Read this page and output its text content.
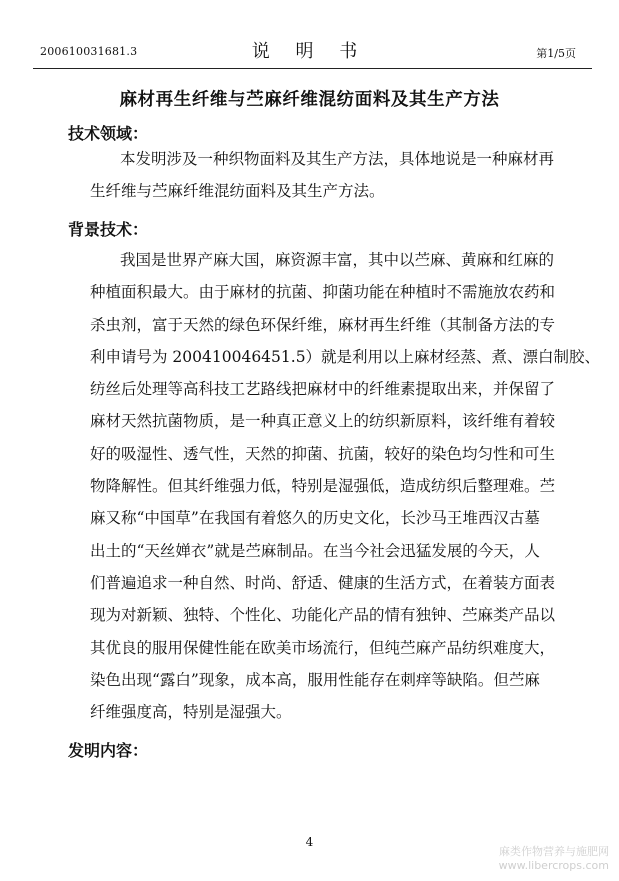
200610031681.3	说 明 书	第1/5页
麻材再生纤维与苎麻纤维混纺面料及其生产方法
技术领域：
本发明涉及一种织物面料及其生产方法，具体地说是一种麻材再
生纤维与苎麻纤维混纺面料及其生产方法。
背景技术：
我国是世界产麻大国，麻资源丰富，其中以苎麻、黄麻和红麻的
种植面积最大。由于麻材的抗菌、抑菌功能在种植时不需施放农药和
杀虫剂，富于天然的绿色环保纤维，麻材再生纤维（其制备方法的专
利申请号为 200410046451.5）就是利用以上麻材经蒸、煮、漂白制胶、
纺丝后处理等高科技工艺路线把麻材中的纤维素提取出来，并保留了
麻材天然抗菌物质，是一种真正意义上的纺织新原料，该纤维有着较
好的吸湿性、透气性，天然的抑菌、抗菌，较好的染色均匀性和可生
物降解性。但其纤维强力低，特别是湿强低，造成纺织后整理难。苎
麻又称“中国草”在我国有着悠久的历史文化，长沙马王堆西汉古墓
出土的“天丝婵衣”就是苎麻制品。在当今社会迅猛发展的今天，人
们普遍追求一种自然、时尚、舒适、健康的生活方式，在着装方面表
现为对新颖、独特、个性化、功能化产品的情有独钟、苎麻类产品以
其优良的服用保健性能在欧美市场流行，但纯苎麻产品纺织难度大，
染色出现“露白”现象，成本高，服用性能存在刺痒等缺陷。但苎麻
纤维强度高，特别是湿强大。
发明内容：
4
麻类作物营养与施肥网
www.libercrops.com
